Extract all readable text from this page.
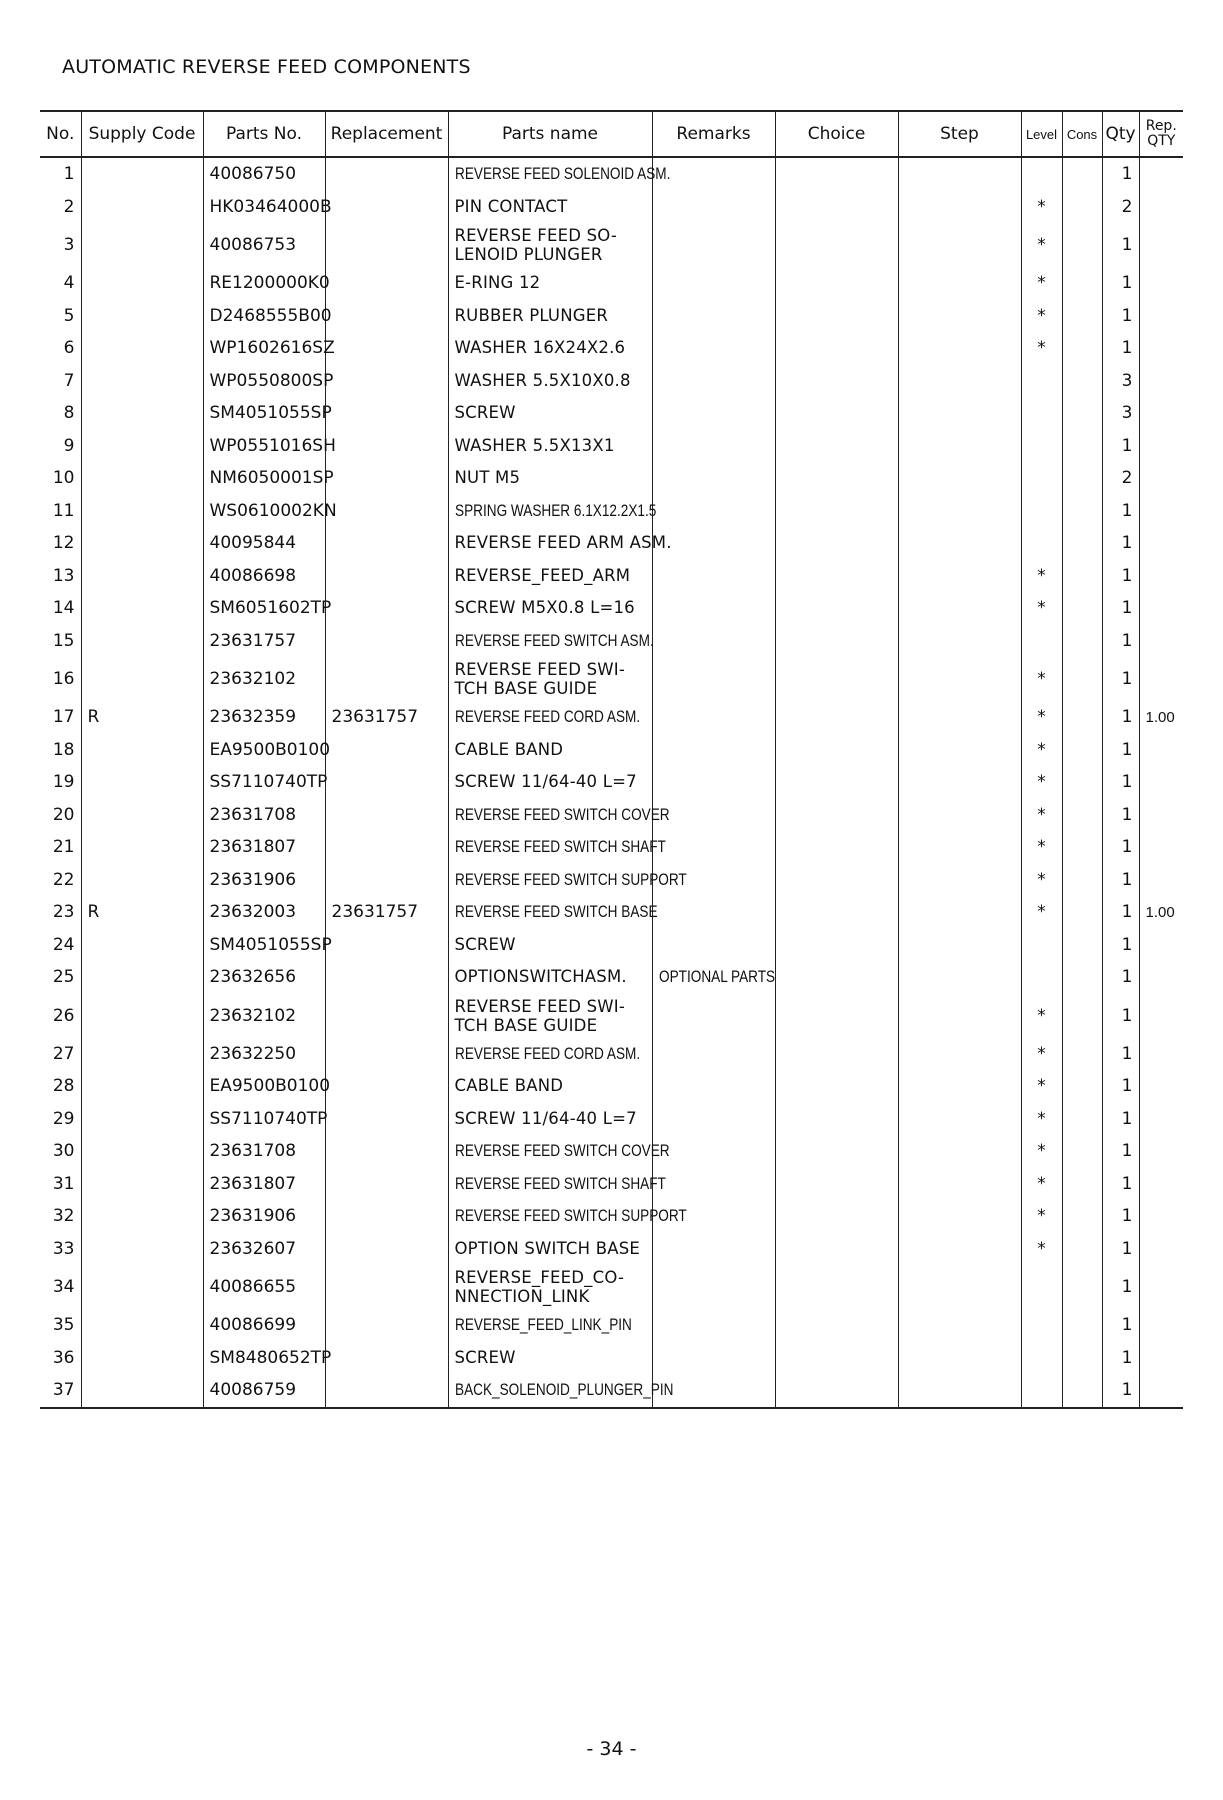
AUTOMATIC REVERSE FEED COMPONENTS
No.	Supply Code	Parts No.	Replacement	Parts name	Remarks	Choice	Step	Level	Cons	Qty	Rep.
QTY
1		40086750		REVERSE FEED SOLENOID ASM.						1	
2		HK03464000B		PIN CONTACT				*		2	
3		40086753		REVERSE FEED SO-
LENOID PLUNGER				*		1	
4		RE1200000K0		E-RING 12				*		1	
5		D2468555B00		RUBBER PLUNGER				*		1	
6		WP1602616SZ		WASHER 16X24X2.6				*		1	
7		WP0550800SP		WASHER 5.5X10X0.8						3	
8		SM4051055SP		SCREW						3	
9		WP0551016SH		WASHER 5.5X13X1						1	
10		NM6050001SP		NUT M5						2	
11		WS0610002KN		SPRING WASHER 6.1X12.2X1.5						1	
12		40095844		REVERSE FEED ARM ASM.						1	
13		40086698		REVERSE_FEED_ARM				*		1	
14		SM6051602TP		SCREW M5X0.8 L=16				*		1	
15		23631757		REVERSE FEED SWITCH ASM.						1	
16		23632102		REVERSE FEED SWI-
TCH BASE GUIDE				*		1	
17	R	23632359	23631757	REVERSE FEED CORD ASM.				*		1	1.00
18		EA9500B0100		CABLE BAND				*		1	
19		SS7110740TP		SCREW 11/64-40 L=7				*		1	
20		23631708		REVERSE FEED SWITCH COVER				*		1	
21		23631807		REVERSE FEED SWITCH SHAFT				*		1	
22		23631906		REVERSE FEED SWITCH SUPPORT				*		1	
23	R	23632003	23631757	REVERSE FEED SWITCH BASE				*		1	1.00
24		SM4051055SP		SCREW						1	
25		23632656		OPTIONSWITCHASM.	OPTIONAL PARTS					1	
26		23632102		REVERSE FEED SWI-
TCH BASE GUIDE				*		1	
27		23632250		REVERSE FEED CORD ASM.				*		1	
28		EA9500B0100		CABLE BAND				*		1	
29		SS7110740TP		SCREW 11/64-40 L=7				*		1	
30		23631708		REVERSE FEED SWITCH COVER				*		1	
31		23631807		REVERSE FEED SWITCH SHAFT				*		1	
32		23631906		REVERSE FEED SWITCH SUPPORT				*		1	
33		23632607		OPTION SWITCH BASE				*		1	
34		40086655		REVERSE_FEED_CO-
NNECTION_LINK						1	
35		40086699		REVERSE_FEED_LINK_PIN						1	
36		SM8480652TP		SCREW						1	
37		40086759		BACK_SOLENOID_PLUNGER_PIN						1	
- 34 -
